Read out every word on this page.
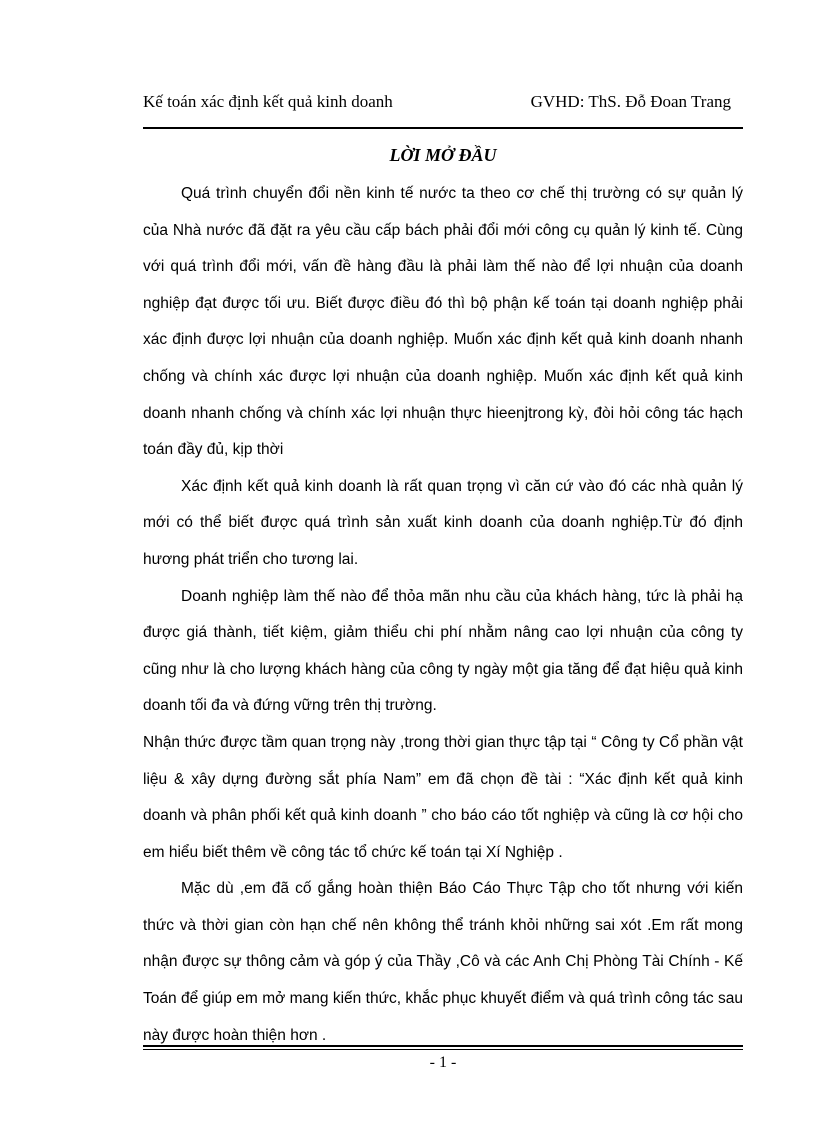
Kế toán xác định kết quả kinh doanh	GVHD: ThS. Đỗ Đoan Trang
LỜI MỞ ĐẦU

Quá trình chuyển đổi nền kinh tế nước ta theo cơ chế thị trường có sự quản lý của Nhà nước đã đặt ra yêu cầu cấp bách phải đổi mới công cụ quản lý kinh tế. Cùng với quá trình đổi mới, vấn đề hàng đầu là phải làm thế nào để lợi nhuận của doanh nghiệp đạt được tối ưu. Biết được điều đó thì bộ phận kế toán tại doanh nghiệp phải xác định được lợi nhuận của doanh nghiệp. Muốn xác định kết quả kinh doanh nhanh chống và chính xác được lợi nhuận của doanh nghiệp. Muốn xác định kết quả kinh doanh nhanh chống và chính xác lợi nhuận thực hieenjtrong kỳ, đòi hỏi công tác hạch toán đầy đủ, kịp thời

Xác định kết quả kinh doanh là rất quan trọng vì căn cứ vào đó các nhà quản lý mới có thể biết được quá trình sản xuất kinh doanh của doanh nghiệp.Từ đó định hương phát triển cho tương lai.

Doanh nghiệp làm thế nào để thỏa mãn nhu cầu của khách hàng, tức là phải hạ được giá thành, tiết kiệm, giảm thiểu chi phí nhằm nâng cao lợi nhuận của công ty cũng như là cho lượng khách hàng của công ty ngày một gia tăng để đạt hiệu quả kinh doanh tối đa và đứng vững trên thị trường.

Nhận thức được tầm quan trọng này ,trong thời gian thực tập tại “ Công ty Cổ phần vật liệu & xây dựng đường sắt phía Nam” em đã chọn đề tài : “Xác định kết quả kinh doanh và phân phối kết quả kinh doanh ” cho báo cáo tốt nghiệp và cũng là cơ hội cho em hiểu biết thêm về công tác tổ chức kế toán tại Xí Nghiệp .

Mặc dù ,em đã cố gắng hoàn thiện Báo Cáo Thực Tập cho tốt nhưng với kiến thức và thời gian còn hạn chế nên không thể tránh khỏi những sai xót .Em rất mong nhận được sự thông cảm và góp ý của Thầy ,Cô và các Anh Chị Phòng Tài Chính - Kế Toán để giúp em mở mang kiến thức, khắc phục khuyết điểm và quá trình công tác sau này được hoàn thiện hơn .

- 1 -
